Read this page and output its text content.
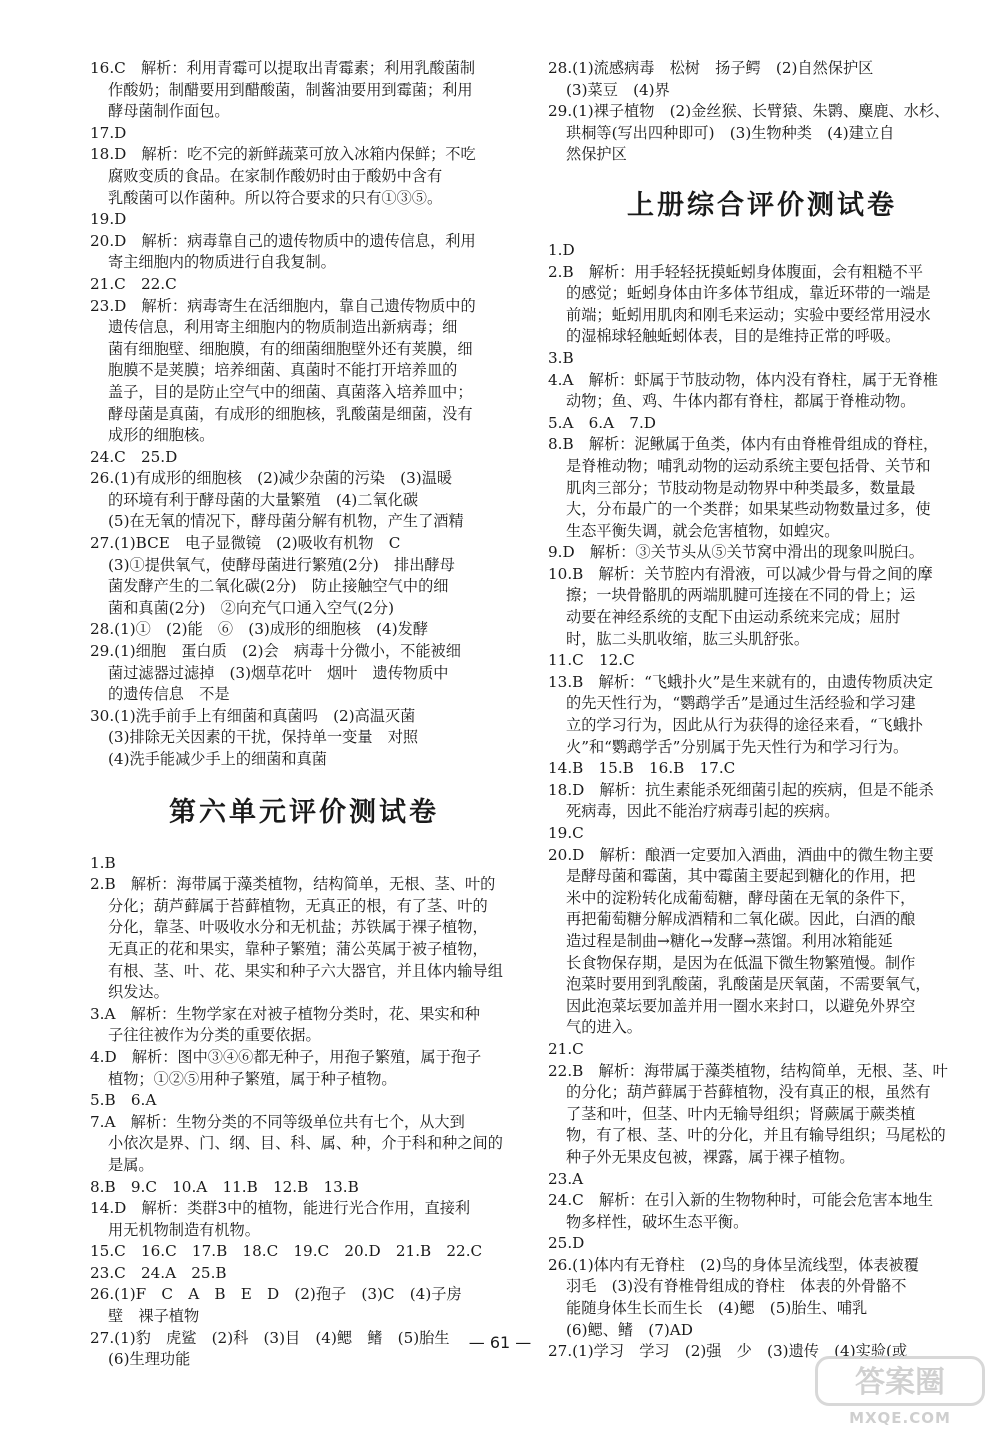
16.C　解析：利用青霉可以提取出青霉素；利用乳酸菌制
作酸奶；制醋要用到醋酸菌，制酱油要用到霉菌；利用
酵母菌制作面包。
17.D
18.D　解析：吃不完的新鲜蔬菜可放入冰箱内保鲜；不吃
腐败变质的食品。在家制作酸奶时由于酸奶中含有
乳酸菌可以作菌种。所以符合要求的只有①③⑤。
19.D
20.D　解析：病毒靠自己的遗传物质中的遗传信息，利用
寄主细胞内的物质进行自我复制。
21.C　22.C
23.D　解析：病毒寄生在活细胞内，靠自己遗传物质中的
遗传信息，利用寄主细胞内的物质制造出新病毒；细
菌有细胞壁、细胞膜，有的细菌细胞壁外还有荚膜，细
胞膜不是荚膜；培养细菌、真菌时不能打开培养皿的
盖子，目的是防止空气中的细菌、真菌落入培养皿中；
酵母菌是真菌，有成形的细胞核，乳酸菌是细菌，没有
成形的细胞核。
24.C　25.D
26.(1)有成形的细胞核　(2)减少杂菌的污染　(3)温暖
的环境有利于酵母菌的大量繁殖　(4)二氧化碳
(5)在无氧的情况下，酵母菌分解有机物，产生了酒精
27.(1)BCE　电子显微镜　(2)吸收有机物　C
(3)①提供氧气，使酵母菌进行繁殖(2分)　排出酵母
菌发酵产生的二氧化碳(2分)　防止接触空气中的细
菌和真菌(2分)　②向充气口通入空气(2分)
28.(1)①　(2)能　⑥　(3)成形的细胞核　(4)发酵
29.(1)细胞　蛋白质　(2)会　病毒十分微小，不能被细
菌过滤器过滤掉　(3)烟草花叶　烟叶　遗传物质中
的遗传信息　不是
30.(1)洗手前手上有细菌和真菌吗　(2)高温灭菌
(3)排除无关因素的干扰，保持单一变量　对照
(4)洗手能减少手上的细菌和真菌
第六单元评价测试卷
1.B
2.B　解析：海带属于藻类植物，结构简单，无根、茎、叶的
分化；葫芦藓属于苔藓植物，无真正的根，有了茎、叶的
分化，靠茎、叶吸收水分和无机盐；苏铁属于裸子植物，
无真正的花和果实，靠种子繁殖；蒲公英属于被子植物，
有根、茎、叶、花、果实和种子六大器官，并且体内输导组
织发达。
3.A　解析：生物学家在对被子植物分类时，花、果实和种
子往往被作为分类的重要依据。
4.D　解析：图中③④⑥都无种子，用孢子繁殖，属于孢子
植物；①②⑤用种子繁殖，属于种子植物。
5.B　6.A
7.A　解析：生物分类的不同等级单位共有七个，从大到
小依次是界、门、纲、目、科、属、种，介于科和种之间的
是属。
8.B　9.C　10.A　11.B　12.B　13.B
14.D　解析：类群3中的植物，能进行光合作用，直接利
用无机物制造有机物。
15.C　16.C　17.B　18.C　19.C　20.D　21.B　22.C
23.C　24.A　25.B
26.(1)F　C　A　B　E　D　(2)孢子　(3)C　(4)子房
壁　裸子植物
27.(1)豹　虎鲨　(2)科　(3)目　(4)鳃　鳍　(5)胎生
(6)生理功能
28.(1)流感病毒　松树　扬子鳄　(2)自然保护区
(3)菜豆　(4)界
29.(1)裸子植物　(2)金丝猴、长臂猿、朱鹮、麋鹿、水杉、
珙桐等(写出四种即可)　(3)生物种类　(4)建立自
然保护区
上册综合评价测试卷
1.D
2.B　解析：用手轻轻抚摸蚯蚓身体腹面，会有粗糙不平
的感觉；蚯蚓身体由许多体节组成，靠近环带的一端是
前端；蚯蚓用肌肉和刚毛来运动；实验中要经常用浸水
的湿棉球轻触蚯蚓体表，目的是维持正常的呼吸。
3.B
4.A　解析：虾属于节肢动物，体内没有脊柱，属于无脊椎
动物；鱼、鸡、牛体内都有脊柱，都属于脊椎动物。
5.A　6.A　7.D
8.B　解析：泥鳅属于鱼类，体内有由脊椎骨组成的脊柱，
是脊椎动物；哺乳动物的运动系统主要包括骨、关节和
肌肉三部分；节肢动物是动物界中种类最多，数量最
大，分布最广的一个类群；如果某些动物数量过多，使
生态平衡失调，就会危害植物，如蝗灾。
9.D　解析：③关节头从⑤关节窝中滑出的现象叫脱臼。
10.B　解析：关节腔内有滑液，可以减少骨与骨之间的摩
擦；一块骨骼肌的两端肌腱可连接在不同的骨上；运
动要在神经系统的支配下由运动系统来完成；屈肘
时，肱二头肌收缩，肱三头肌舒张。
11.C　12.C
13.B　解析：“飞蛾扑火”是生来就有的，由遗传物质决定
的先天性行为，“鹦鹉学舌”是通过生活经验和学习建
立的学习行为，因此从行为获得的途径来看，“飞蛾扑
火”和“鹦鹉学舌”分别属于先天性行为和学习行为。
14.B　15.B　16.B　17.C
18.D　解析：抗生素能杀死细菌引起的疾病，但是不能杀
死病毒，因此不能治疗病毒引起的疾病。
19.C
20.D　解析：酿酒一定要加入酒曲，酒曲中的微生物主要
是酵母菌和霉菌，其中霉菌主要起到糖化的作用，把
米中的淀粉转化成葡萄糖，酵母菌在无氧的条件下，
再把葡萄糖分解成酒精和二氧化碳。因此，白酒的酿
造过程是制曲→糖化→发酵→蒸馏。利用冰箱能延
长食物保存期，是因为在低温下微生物繁殖慢。制作
泡菜时要用到乳酸菌，乳酸菌是厌氧菌，不需要氧气，
因此泡菜坛要加盖并用一圈水来封口，以避免外界空
气的进入。
21.C
22.B　解析：海带属于藻类植物，结构简单，无根、茎、叶
的分化；葫芦藓属于苔藓植物，没有真正的根，虽然有
了茎和叶，但茎、叶内无输导组织；肾蕨属于蕨类植
物，有了根、茎、叶的分化，并且有输导组织；马尾松的
种子外无果皮包被，裸露，属于裸子植物。
23.A
24.C　解析：在引入新的生物物种时，可能会危害本地生
物多样性，破坏生态平衡。
25.D
26.(1)体内有无脊柱　(2)鸟的身体呈流线型，体表被覆
羽毛　(3)没有脊椎骨组成的脊柱　体表的外骨骼不
能随身体生长而生长　(4)鳃　(5)胎生、哺乳
(6)鳃、鳍　(7)AD
27.(1)学习　学习　(2)强　少　(3)遗传　(4)实验(或
— 61 —
答案圈
MXQE.COM
